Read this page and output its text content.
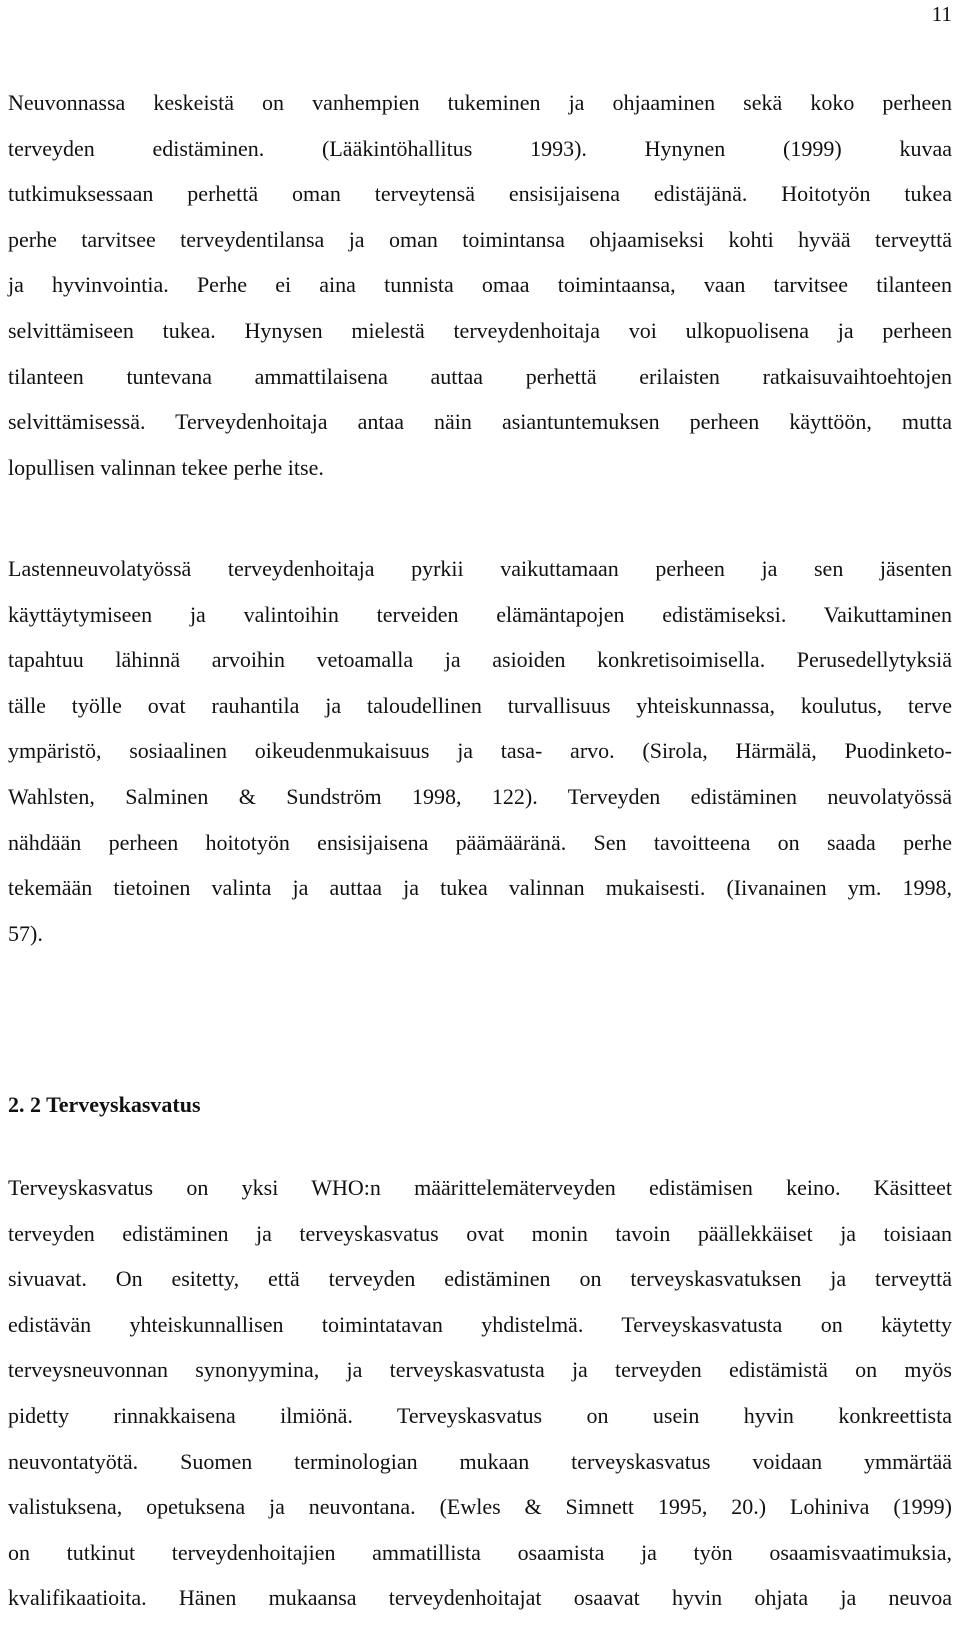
11
Neuvonnassa keskeistä on vanhempien tukeminen ja ohjaaminen sekä koko perheen
terveyden edistäminen. (Lääkintöhallitus 1993). Hynynen (1999) kuvaa
tutkimuksessaan perhettä oman terveytensä ensisijaisena edistäjänä. Hoitotyön tukea
perhe tarvitsee terveydentilansa ja oman toimintansa ohjaamiseksi kohti hyvää terveyttä
ja hyvinvointia. Perhe ei aina tunnista omaa toimintaansa, vaan tarvitsee tilanteen
selvittämiseen tukea. Hynysen mielestä terveydenhoitaja voi ulkopuolisena ja perheen
tilanteen tuntevana ammattilaisena auttaa perhettä erilaisten ratkaisuvaihtoehtojen
selvittämisessä. Terveydenhoitaja antaa näin asiantuntemuksen perheen käyttöön, mutta
lopullisen valinnan tekee perhe itse.
Lastenneuvolatyössä terveydenhoitaja pyrkii vaikuttamaan perheen ja sen jäsenten
käyttäytymiseen ja valintoihin terveiden elämäntapojen edistämiseksi. Vaikuttaminen
tapahtuu lähinnä arvoihin vetoamalla ja asioiden konkretisoimisella. Perusedellytyksiä
tälle työlle ovat rauhantila ja taloudellinen turvallisuus yhteiskunnassa, koulutus, terve
ympäristö, sosiaalinen oikeudenmukaisuus ja tasa- arvo. (Sirola, Härmälä, Puodinketo-
Wahlsten, Salminen & Sundström 1998, 122). Terveyden edistäminen neuvolatyössä
nähdään perheen hoitotyön ensisijaisena päämääränä. Sen tavoitteena on saada perhe
tekemään tietoinen valinta ja auttaa ja tukea valinnan mukaisesti. (Iivanainen ym. 1998,
57).
2. 2 Terveyskasvatus
Terveyskasvatus on yksi WHO:n määrittelemäterveyden edistämisen keino. Käsitteet
terveyden edistäminen ja terveyskasvatus ovat monin tavoin päällekkäiset ja toisiaan
sivuavat. On esitetty, että terveyden edistäminen on terveyskasvatuksen ja terveyttä
edistävän yhteiskunnallisen toimintatavan yhdistelmä. Terveyskasvatusta on käytetty
terveysneuvonnan synonyymina, ja terveyskasvatusta ja terveyden edistämistä on myös
pidetty rinnakkaisena ilmiönä. Terveyskasvatus on usein hyvin konkreettista
neuvontatyötä. Suomen terminologian mukaan terveyskasvatus voidaan ymmärtää
valistuksena, opetuksena ja neuvontana. (Ewles & Simnett 1995, 20.) Lohiniva (1999)
on tutkinut terveydenhoitajien ammatillista osaamista ja työn osaamisvaatimuksia,
kvalifikaatioita. Hänen mukaansa terveydenhoitajat osaavat hyvin ohjata ja neuvoa
